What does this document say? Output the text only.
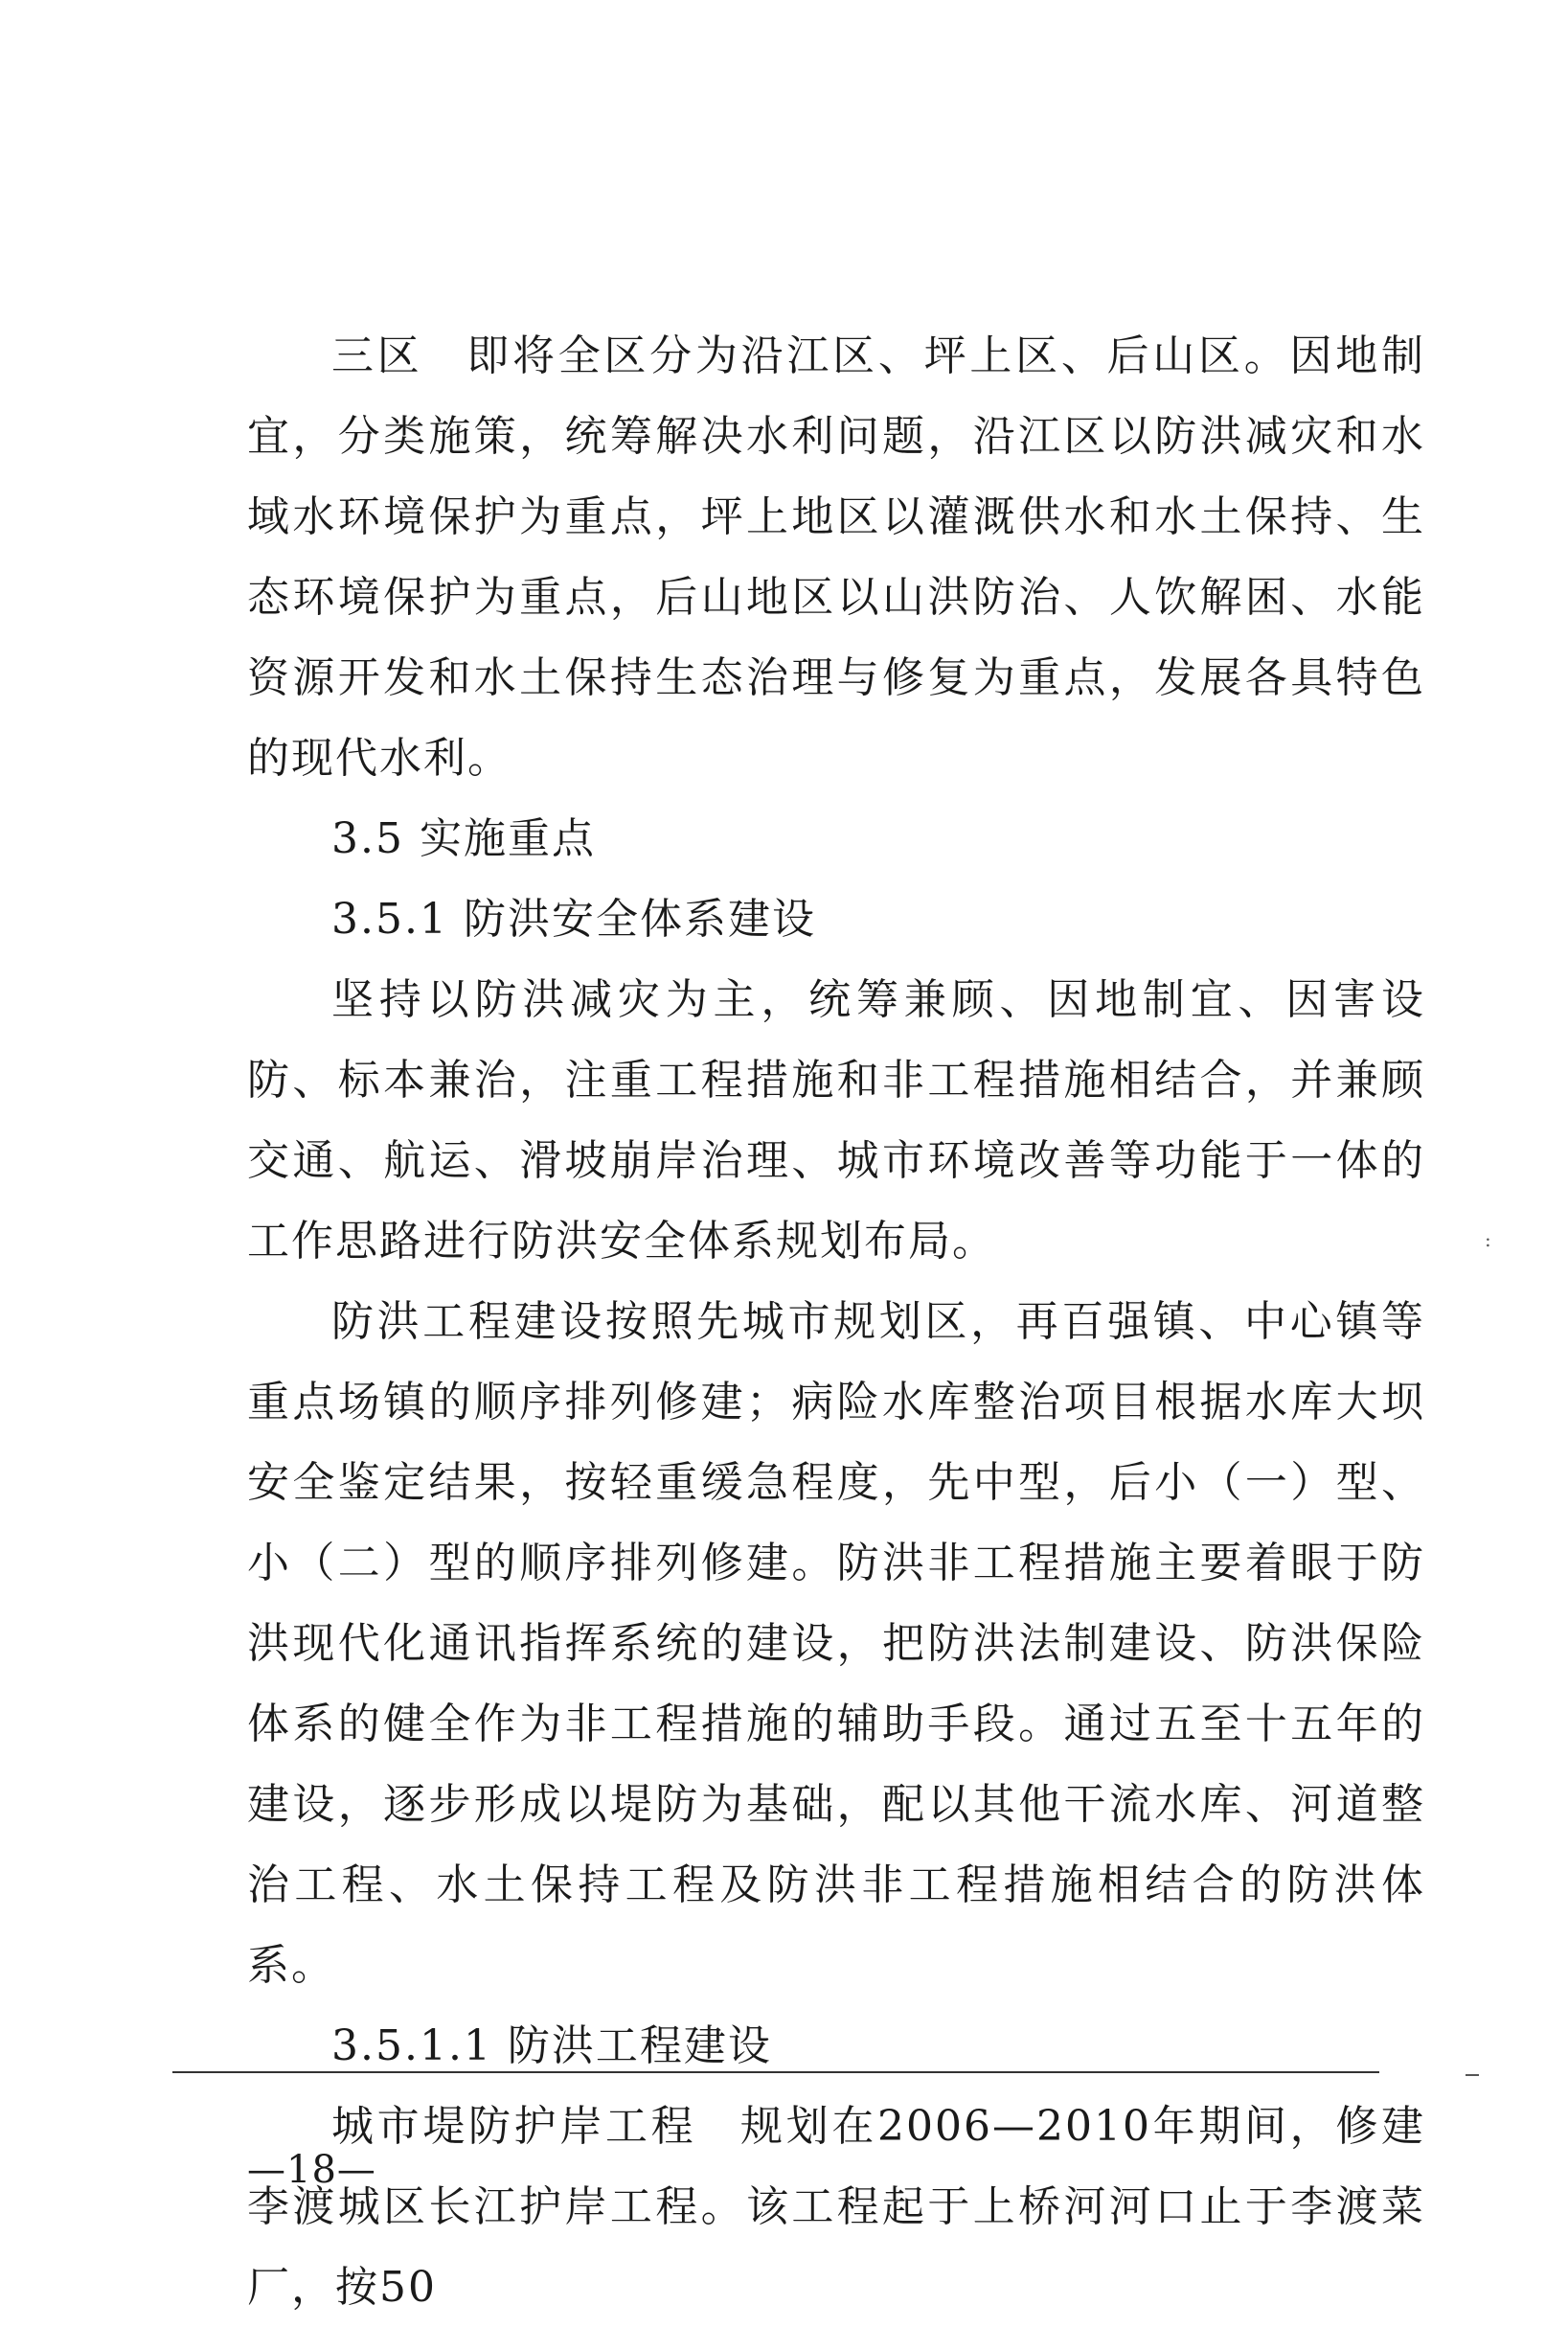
三区 即将全区分为沿江区、坪上区、后山区。因地制宜，分类施策，统筹解决水利问题，沿江区以防洪减灾和水域水环境保护为重点，坪上地区以灌溉供水和水土保持、生态环境保护为重点，后山地区以山洪防治、人饮解困、水能资源开发和水土保持生态治理与修复为重点，发展各具特色的现代水利。

3.5 实施重点

3.5.1 防洪安全体系建设

坚持以防洪减灾为主，统筹兼顾、因地制宜、因害设防、标本兼治，注重工程措施和非工程措施相结合，并兼顾交通、航运、滑坡崩岸治理、城市环境改善等功能于一体的工作思路进行防洪安全体系规划布局。

防洪工程建设按照先城市规划区，再百强镇、中心镇等重点场镇的顺序排列修建；病险水库整治项目根据水库大坝安全鉴定结果，按轻重缓急程度，先中型，后小（一）型、小（二）型的顺序排列修建。防洪非工程措施主要着眼于防洪现代化通讯指挥系统的建设，把防洪法制建设、防洪保险体系的健全作为非工程措施的辅助手段。通过五至十五年的建设，逐步形成以堤防为基础，配以其他干流水库、河道整治工程、水土保持工程及防洪非工程措施相结合的防洪体系。

3.5.1.1 防洪工程建设

城市堤防护岸工程 规划在2006—2010年期间，修建李渡城区长江护岸工程。该工程起于上桥河河口止于李渡菜厂，按50

:
—18—
